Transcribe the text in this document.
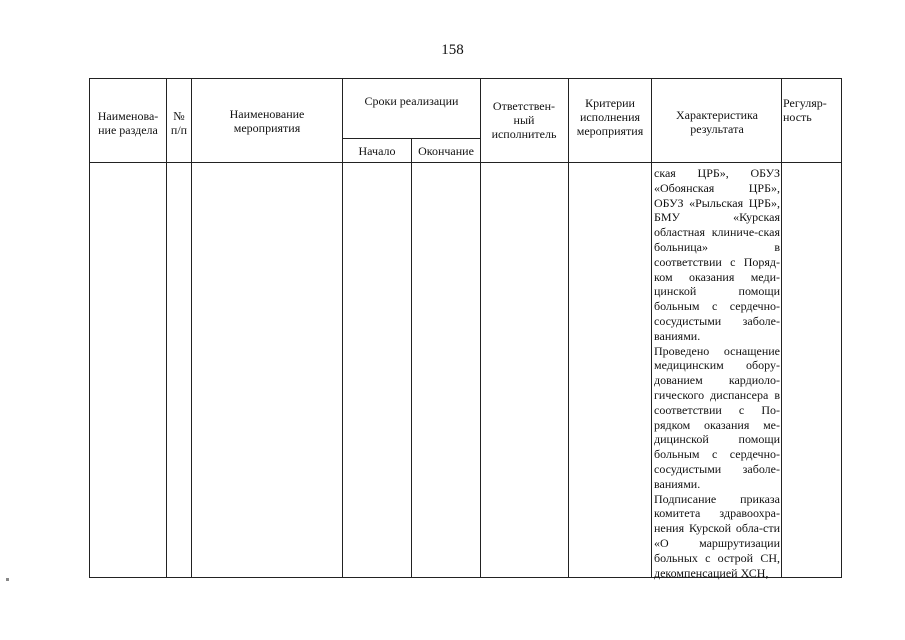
158
Наименова-ние раздела
№ п/п
Наименование мероприятия
Сроки реализации
Начало	Окончание
Ответствен-ный исполнитель
Критерии исполнения мероприятия
Характеристика результата
Регуляр-ность

ская ЦРБ», ОБУЗ «Обоянская ЦРБ», ОБУЗ «Рыльская ЦРБ», БМУ «Курская областная клиниче-ская больница» в соответствии с Поряд-ком оказания меди-цинской помощи больным с сердечно-сосудистыми заболе-ваниями.

Проведено оснащение медицинским обору-дованием кардиоло-гического диспансера в соответствии с По-рядком оказания ме-дицинской помощи больным с сердечно-сосудистыми заболе-ваниями.

Подписание приказа комитета здравоохра-нения Курской обла-сти «О маршрутизации больных с острой СН, декомпенсацией ХСН,
